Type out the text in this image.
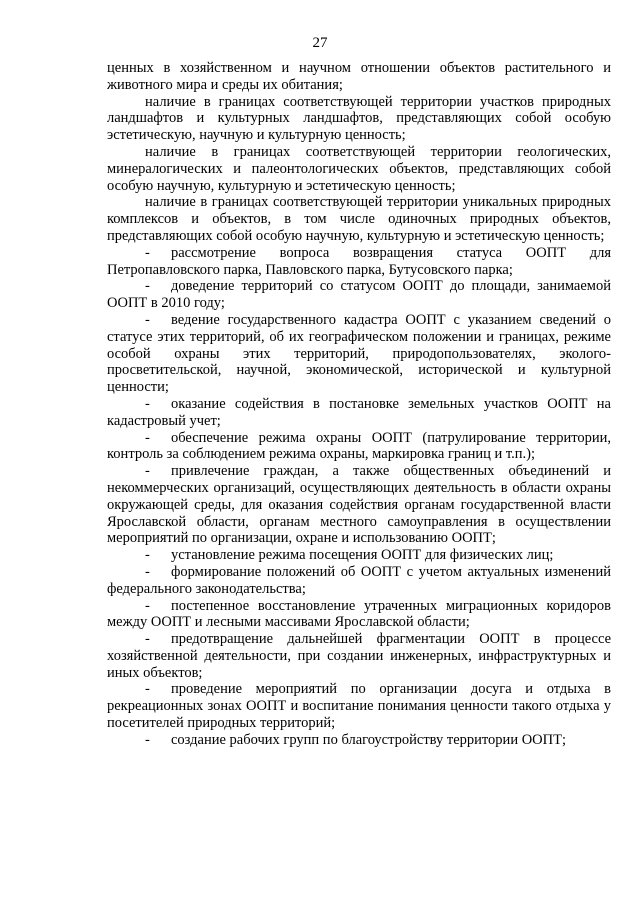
27

ценных в хозяйственном и научном отношении объектов растительного и животного мира и среды их обитания;

наличие в границах соответствующей территории участков природных ландшафтов и культурных ландшафтов, представляющих собой особую эстетическую, научную и культурную ценность;

наличие в границах соответствующей территории геологических, минералогических и палеонтологических объектов, представляющих собой особую научную, культурную и эстетическую ценность;

наличие в границах соответствующей территории уникальных природных комплексов и объектов, в том числе одиночных природных объектов, представляющих собой особую научную, культурную и эстетическую ценность;

- рассмотрение вопроса возвращения статуса ООПТ для Петропавловского парка, Павловского парка, Бутусовского парка;

- доведение территорий со статусом ООПТ до площади, занимаемой ООПТ в 2010 году;

- ведение государственного кадастра ООПТ с указанием сведений о статусе этих территорий, об их географическом положении и границах, режиме особой охраны этих территорий, природопользователях, эколого-просветительской, научной, экономической, исторической и культурной ценности;

- оказание содействия в постановке земельных участков ООПТ на кадастровый учет;

- обеспечение режима охраны ООПТ (патрулирование территории, контроль за соблюдением режима охраны, маркировка границ и т.п.);

- привлечение граждан, а также общественных объединений и некоммерческих организаций, осуществляющих деятельность в области охраны окружающей среды, для оказания содействия органам государственной власти Ярославской области, органам местного самоуправления в осуществлении мероприятий по организации, охране и использованию ООПТ;

- установление режима посещения ООПТ для физических лиц;

- формирование положений об ООПТ с учетом актуальных изменений федерального законодательства;

- постепенное восстановление утраченных миграционных коридоров между ООПТ и лесными массивами Ярославской области;

- предотвращение дальнейшей фрагментации ООПТ в процессе хозяйственной деятельности, при создании инженерных, инфраструктурных и иных объектов;

- проведение мероприятий по организации досуга и отдыха в рекреационных зонах ООПТ и воспитание понимания ценности такого отдыха у посетителей природных территорий;

- создание рабочих групп по благоустройству территории ООПТ;
